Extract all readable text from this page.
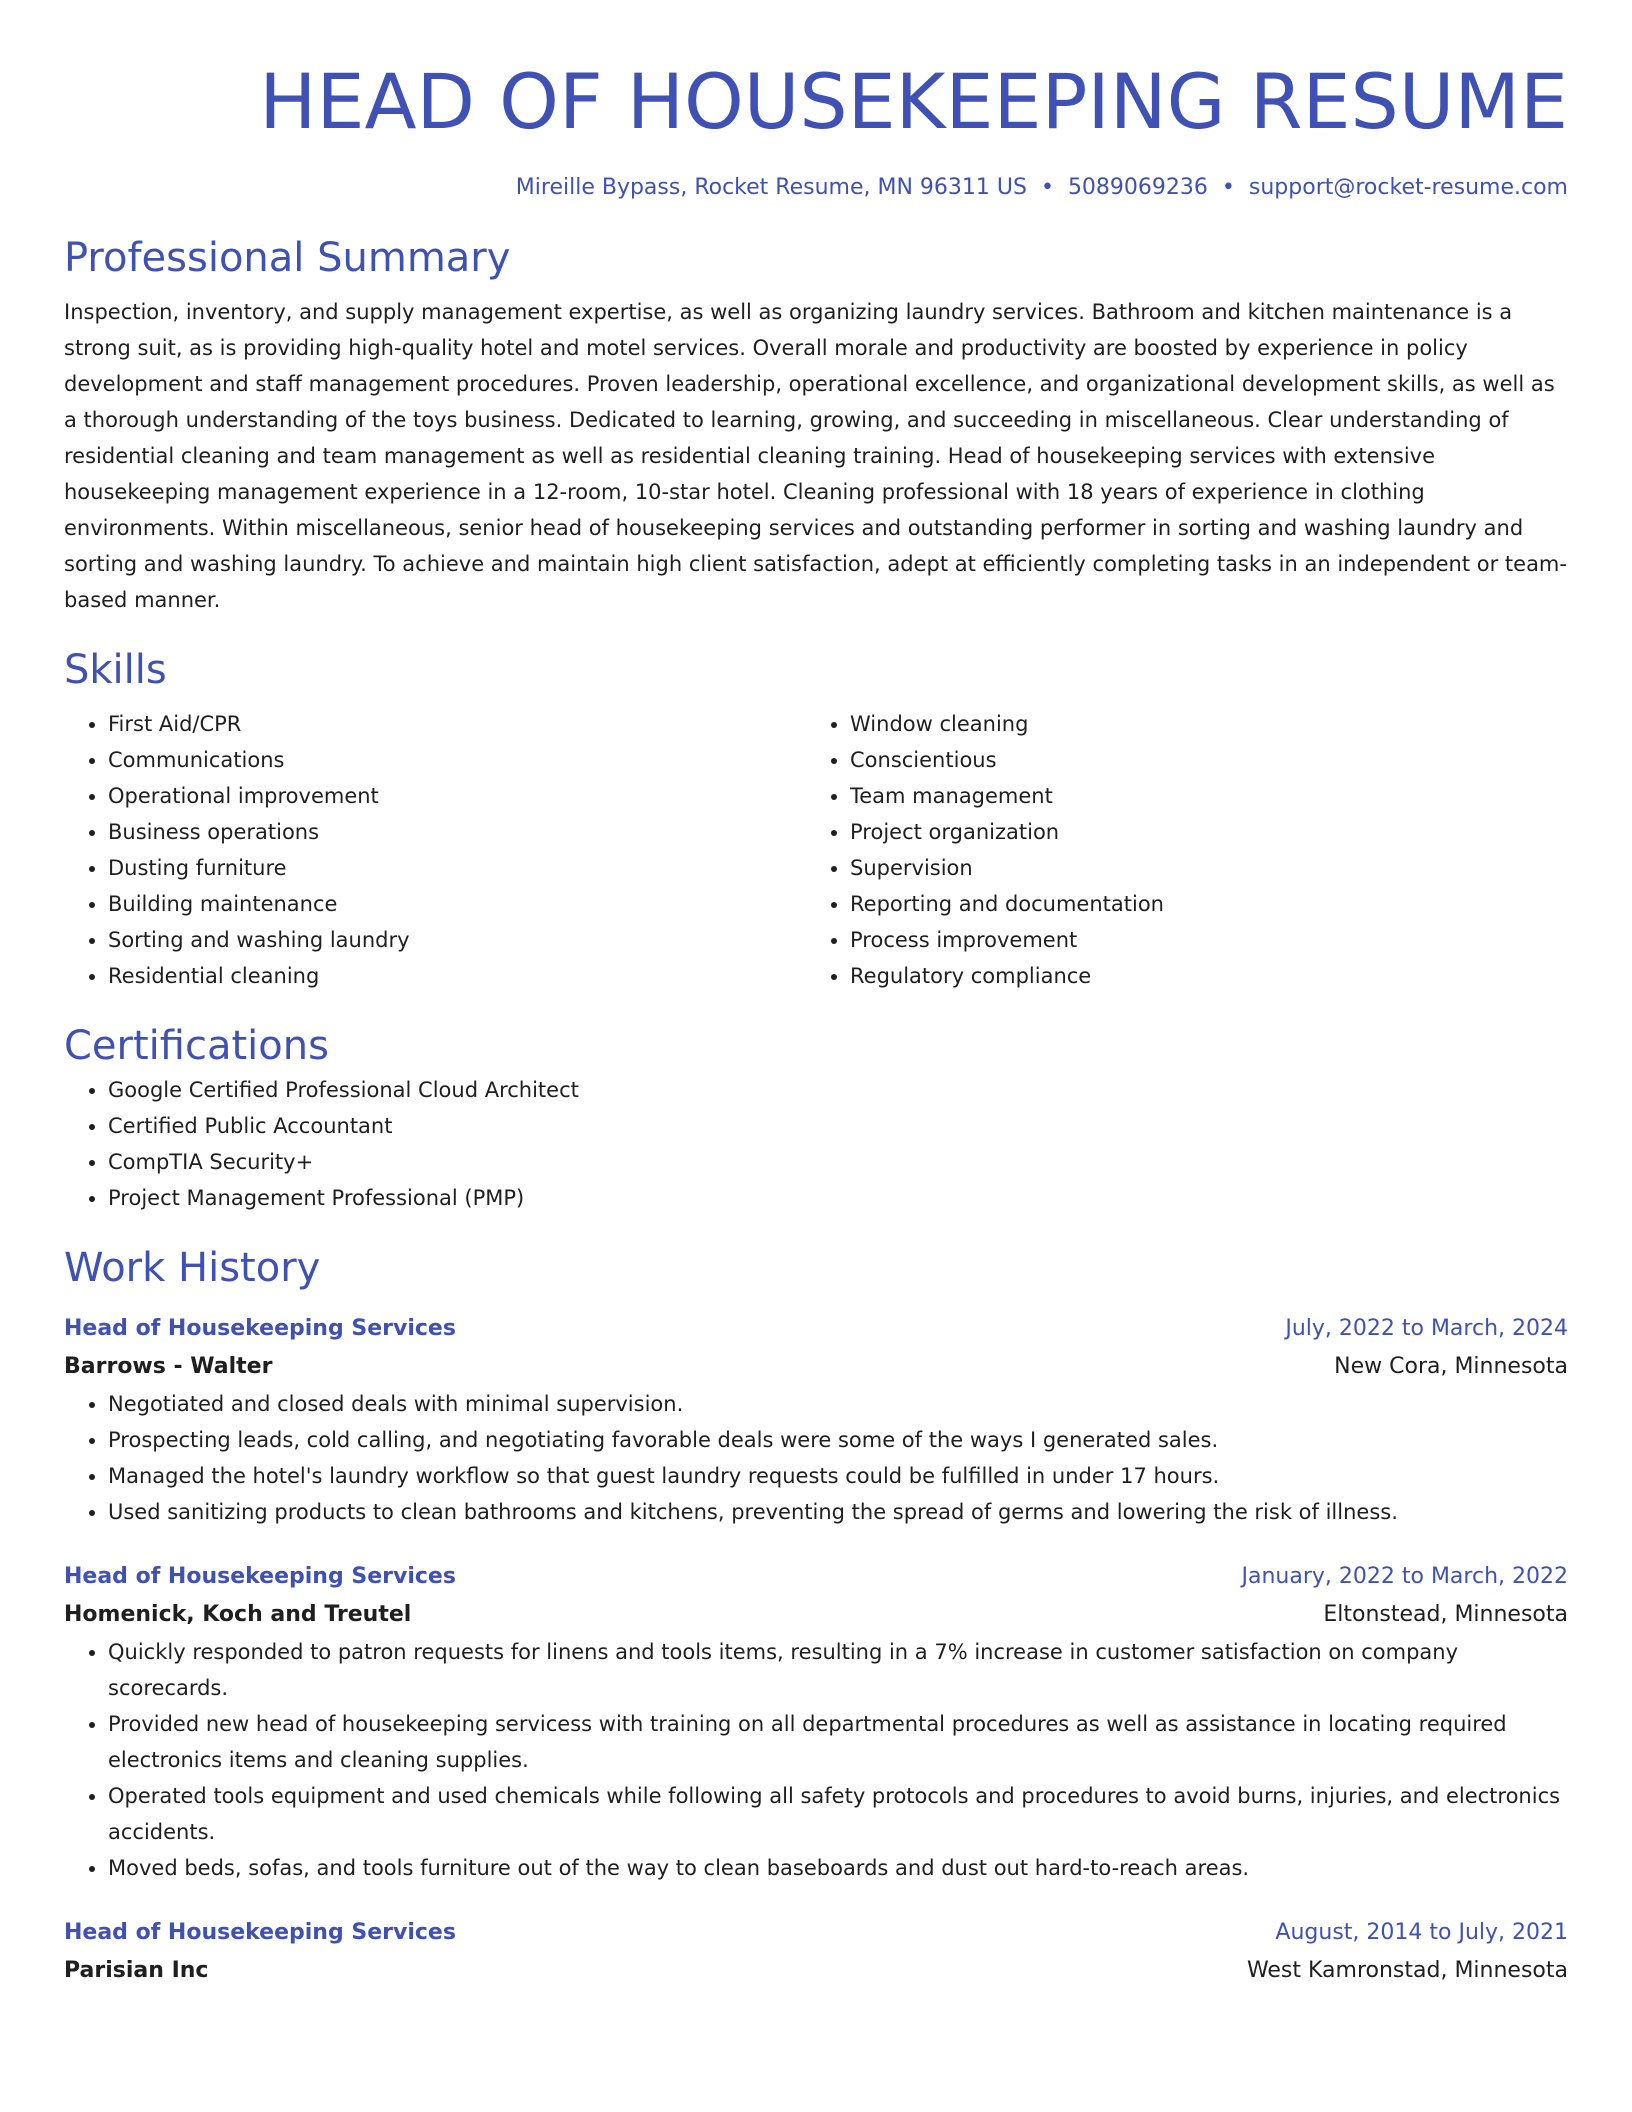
HEAD OF HOUSEKEEPING RESUME
Mireille Bypass, Rocket Resume, MN 96311 US • 5089069236 • support@rocket-resume.com
Professional Summary

Inspection, inventory, and supply management expertise, as well as organizing laundry services. Bathroom and kitchen maintenance is a strong suit, as is providing high-quality hotel and motel services. Overall morale and productivity are boosted by experience in policy development and staff management procedures. Proven leadership, operational excellence, and organizational development skills, as well as a thorough understanding of the toys business. Dedicated to learning, growing, and succeeding in miscellaneous. Clear understanding of residential cleaning and team management as well as residential cleaning training. Head of housekeeping services with extensive housekeeping management experience in a 12-room, 10-star hotel. Cleaning professional with 18 years of experience in clothing environments. Within miscellaneous, senior head of housekeeping services and outstanding performer in sorting and washing laundry and sorting and washing laundry. To achieve and maintain high client satisfaction, adept at efficiently completing tasks in an independent or team-based manner.

Skills
• First Aid/CPR
• Communications
• Operational improvement
• Business operations
• Dusting furniture
• Building maintenance
• Sorting and washing laundry
• Residential cleaning
• Window cleaning
• Conscientious
• Team management
• Project organization
• Supervision
• Reporting and documentation
• Process improvement
• Regulatory compliance
Certifications
• Google Certified Professional Cloud Architect
• Certified Public Accountant
• CompTIA Security+
• Project Management Professional (PMP)
Work History
Head of Housekeeping Services	July, 2022 to March, 2024
Barrows - Walter	New Cora, Minnesota
• Negotiated and closed deals with minimal supervision.
• Prospecting leads, cold calling, and negotiating favorable deals were some of the ways I generated sales.
• Managed the hotel's laundry workflow so that guest laundry requests could be fulfilled in under 17 hours.
• Used sanitizing products to clean bathrooms and kitchens, preventing the spread of germs and lowering the risk of illness.
Head of Housekeeping Services	January, 2022 to March, 2022
Homenick, Koch and Treutel	Eltonstead, Minnesota
• Quickly responded to patron requests for linens and tools items, resulting in a 7% increase in customer satisfaction on company scorecards.
• Provided new head of housekeeping servicess with training on all departmental procedures as well as assistance in locating required electronics items and cleaning supplies.
• Operated tools equipment and used chemicals while following all safety protocols and procedures to avoid burns, injuries, and electronics accidents.
• Moved beds, sofas, and tools furniture out of the way to clean baseboards and dust out hard-to-reach areas.
Head of Housekeeping Services	August, 2014 to July, 2021
Parisian Inc	West Kamronstad, Minnesota
